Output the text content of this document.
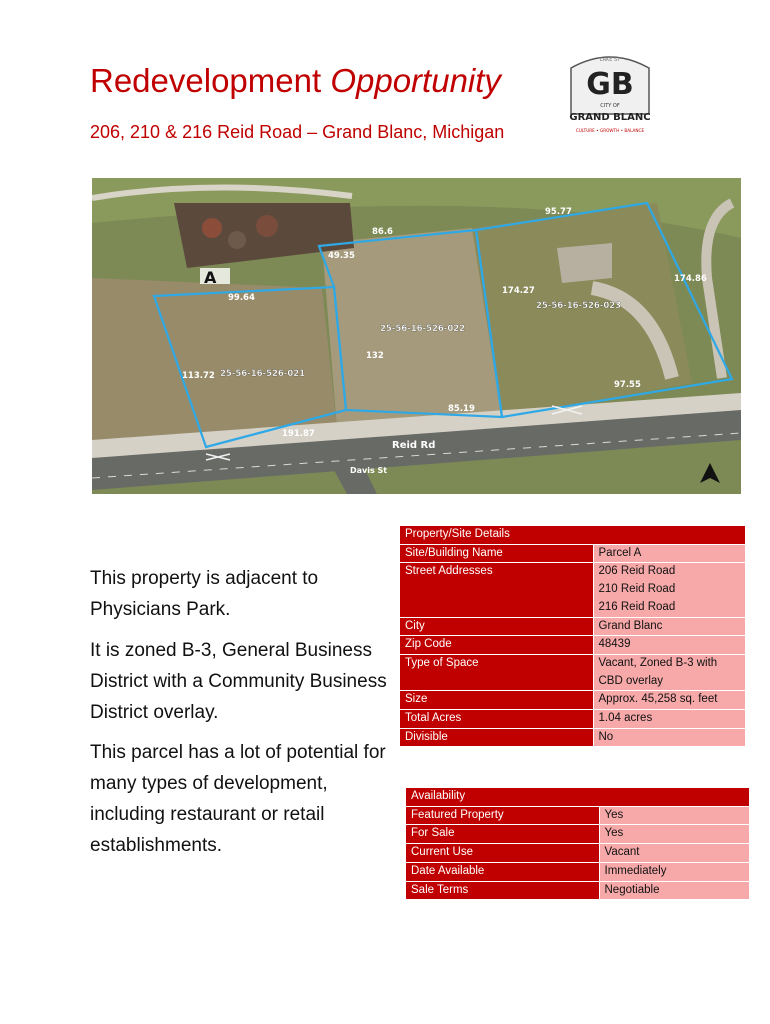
Redevelopment Opportunity
206, 210 & 216 Reid Road – Grand Blanc, Michigan
LAKE ST
GB
CITY OF
GRAND BLANC
CULTURE • GROWTH • BALANCE
A
25-56-16-526-021
25-56-16-526-022
25-56-16-526-023
95.77
86.6
49.35
99.64
174.27
174.86
113.72
132
97.55
85.19
191.87
Reid Rd
Davis St

This property is adjacent to Physicians Park.

It is zoned B-3, General Business District with a Community Business District overlay.

This parcel has a lot of potential for many types of development, including restaurant or retail establishments.

Property/Site Details	
Site/Building Name	Parcel A

Street Addresses	206 Reid Road
210 Reid Road
216 Reid Road

City	Grand Blanc

Zip Code	48439

Type of Space	Vacant, Zoned B-3 with
CBD overlay

Size	Approx. 45,258 sq. feet

Total Acres	1.04 acres

Divisible	No
Availability	
Featured Property	Yes
For Sale	Yes
Current Use	Vacant
Date Available	Immediately
Sale Terms	Negotiable
